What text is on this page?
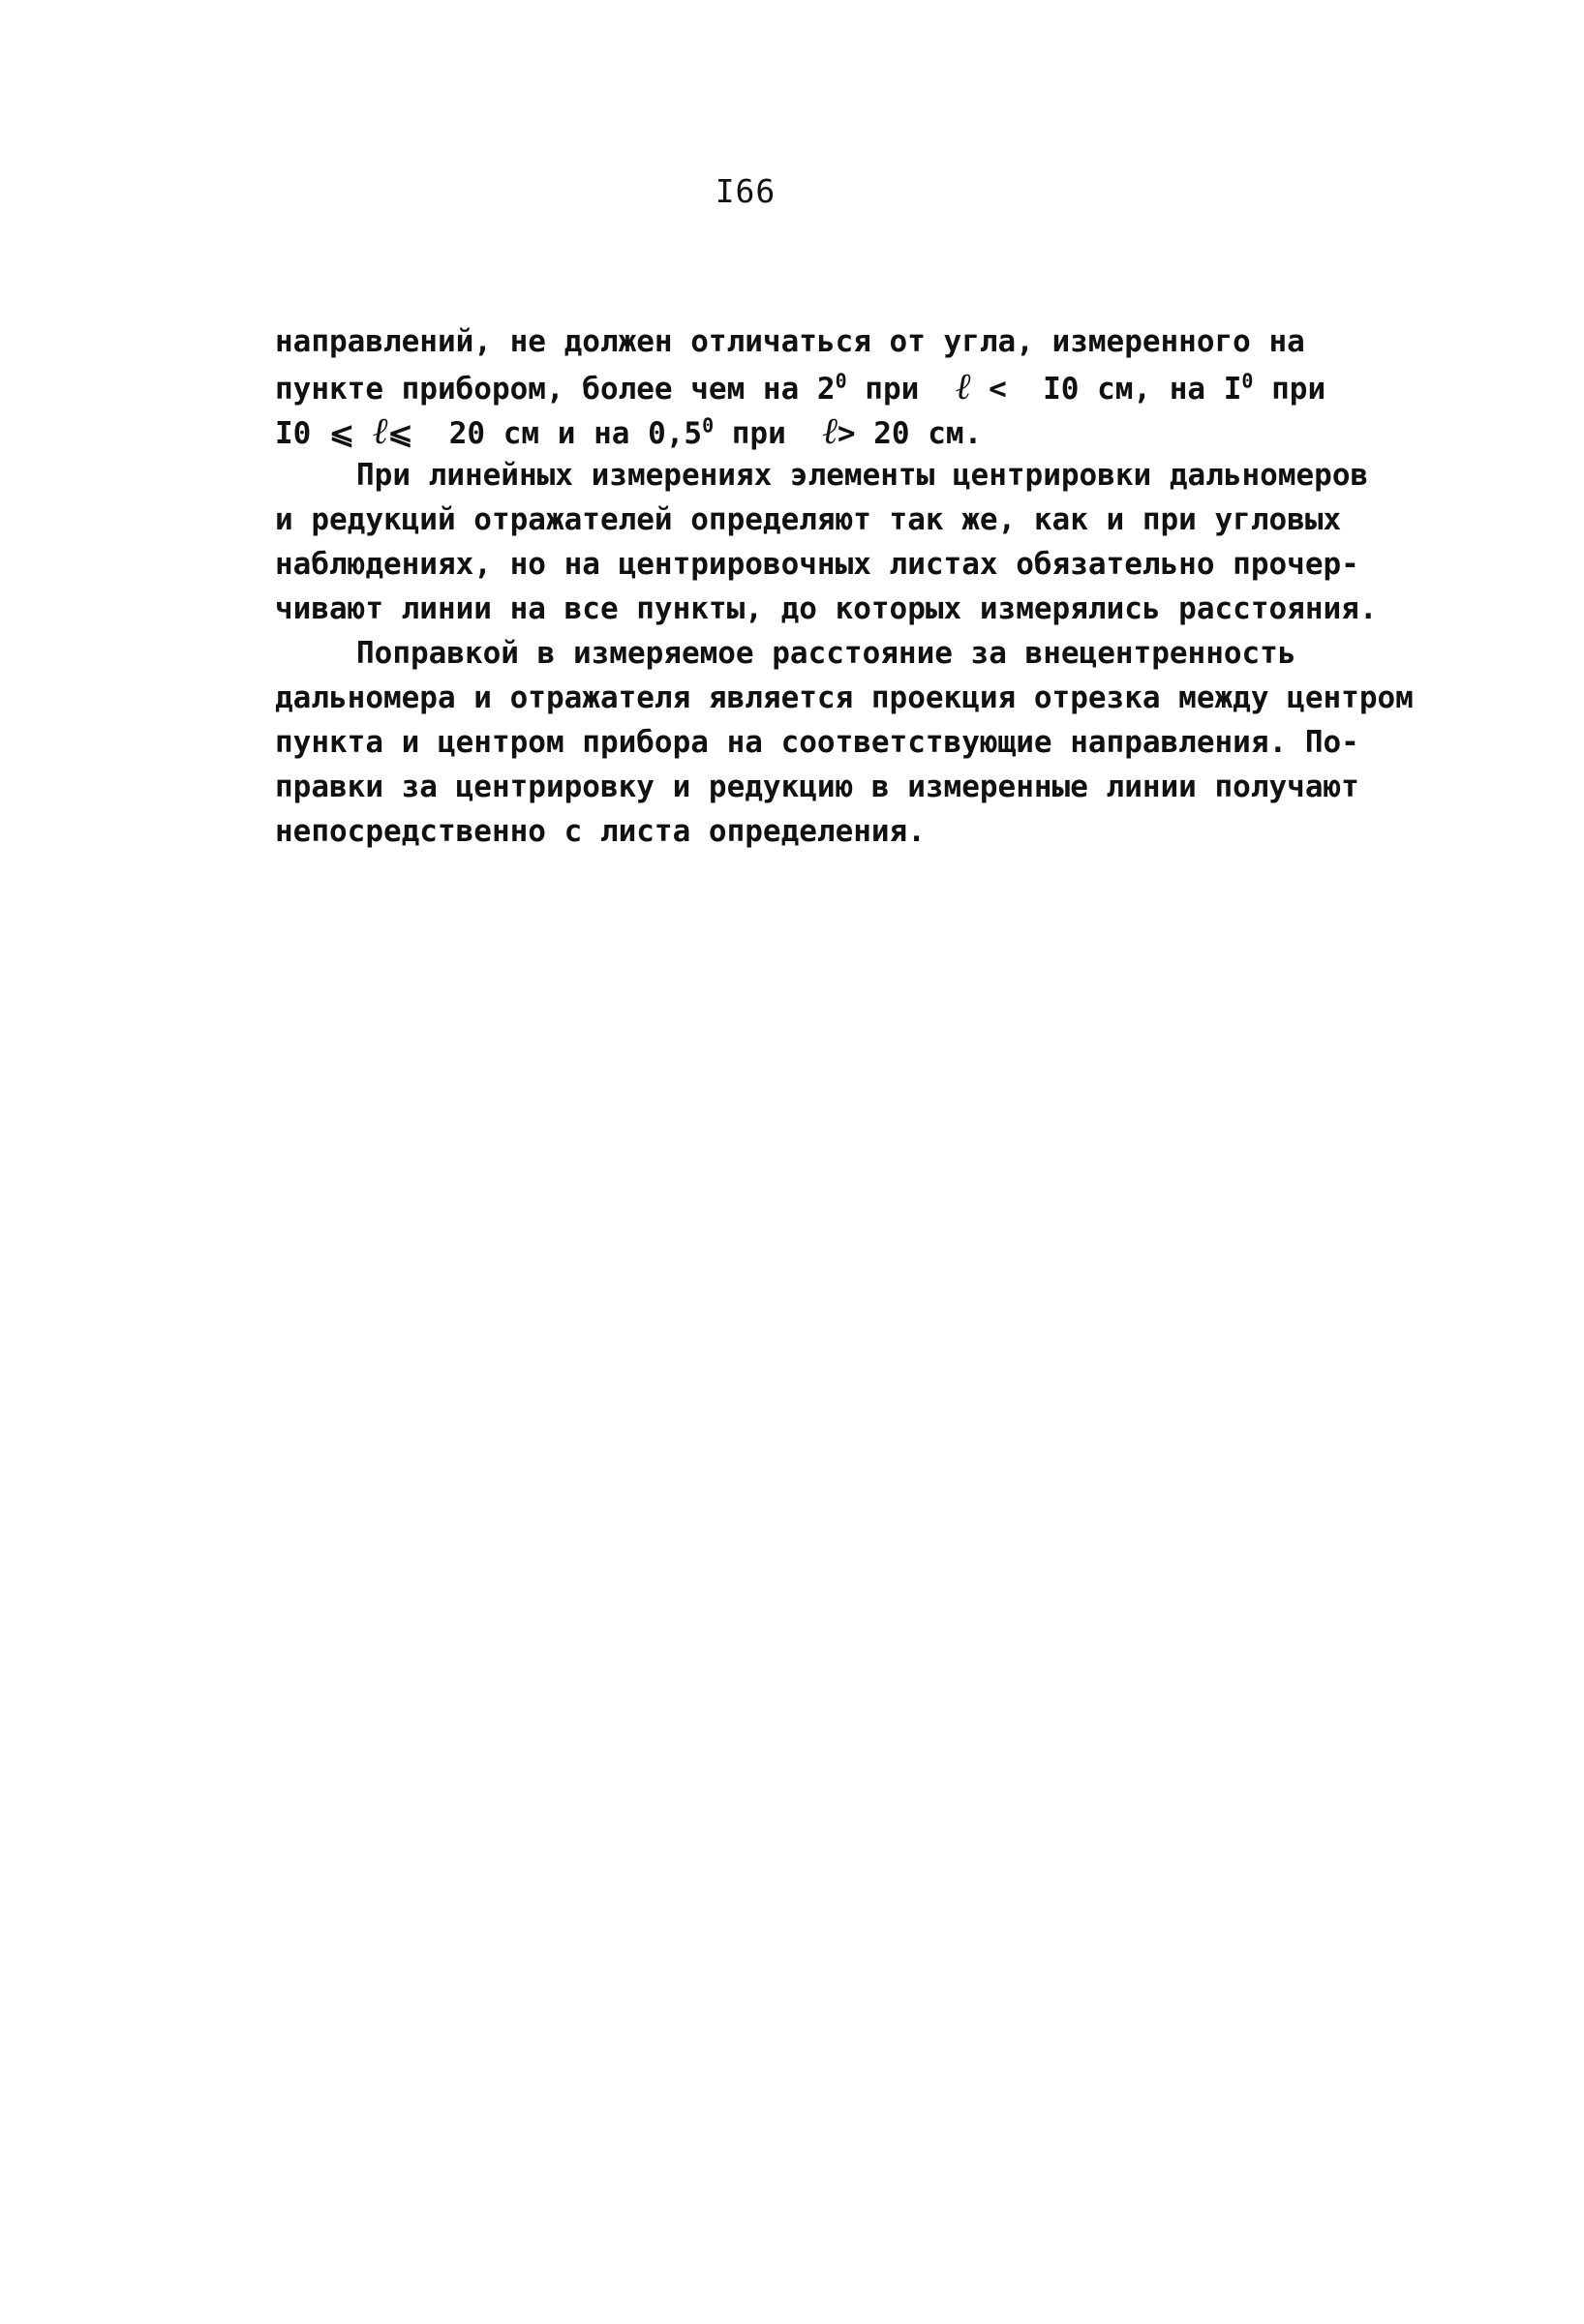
I66
направлений, не должен отличаться от угла, измеренного на
пункте прибором, более чем на $2^0$ при  ℓ <  I0 см, на $I^0$ при
I0 ⩽ ℓ⩽  20 см и на $0,5^0$ при  ℓ> 20 см.
При линейных измерениях элементы центрировки дальномеров
и редукций отражателей определяют так же, как и при угловых
наблюдениях, но на центрировочных листах обязательно прочер-
чивают линии на все пункты, до которых измерялись расстояния.
Поправкой в измеряемое расстояние за внецентренность
дальномера и отражателя является проекция отрезка между центром
пункта и центром прибора на соответствующие направления. По-
правки за центрировку и редукцию в измеренные линии получают
непосредственно с листа определения.
